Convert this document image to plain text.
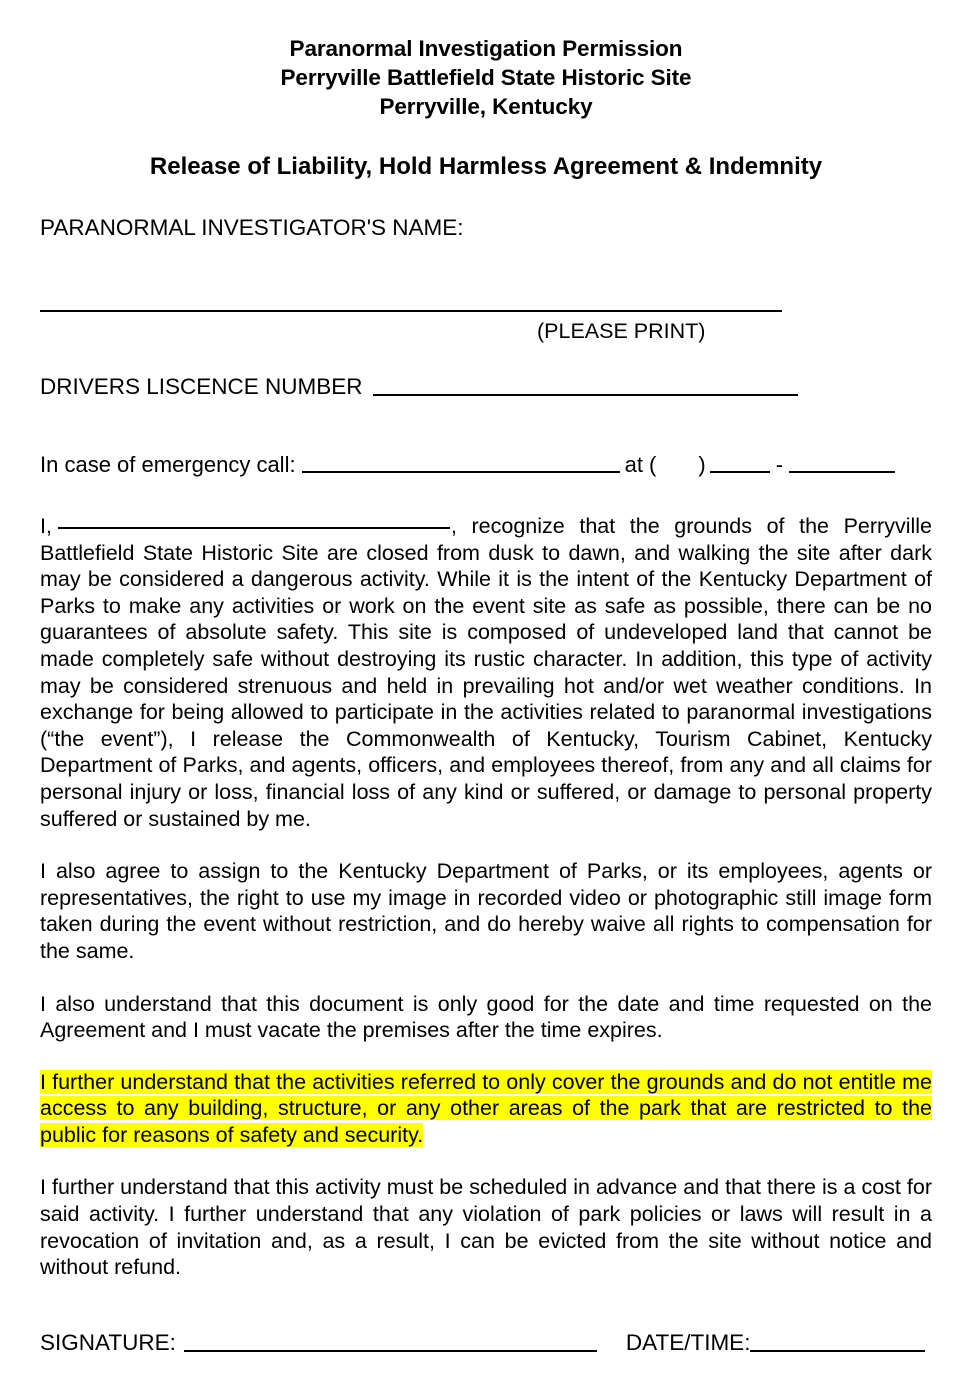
Paranormal Investigation Permission
Perryville Battlefield State Historic Site
Perryville, Kentucky
Release of Liability, Hold Harmless Agreement & Indemnity
PARANORMAL INVESTIGATOR'S NAME:
(PLEASE PRINT)
DRIVERS LISCENCE NUMBER
In case of emergency call:	at ( )	-

I,	, recognize that the grounds of the Perryville Battlefield State Historic Site are closed from dusk to dawn, and walking the site after dark may be considered a dangerous activity. While it is the intent of the Kentucky Department of Parks to make any activities or work on the event site as safe as possible, there can be no guarantees of absolute safety. This site is composed of undeveloped land that cannot be made completely safe without destroying its rustic character. In addition, this type of activity may be considered strenuous and held in prevailing hot and/or wet weather conditions. In exchange for being allowed to participate in the activities related to paranormal investigations (“the event”), I release the Commonwealth of Kentucky, Tourism Cabinet, Kentucky Department of Parks, and agents, officers, and employees thereof, from any and all claims for personal injury or loss, financial loss of any kind or suffered, or damage to personal property suffered or sustained by me.

I also agree to assign to the Kentucky Department of Parks, or its employees, agents or representatives, the right to use my image in recorded video or photographic still image form taken during the event without restriction, and do hereby waive all rights to compensation for the same.

I also understand that this document is only good for the date and time requested on the Agreement and I must vacate the premises after the time expires.

I further understand that the activities referred to only cover the grounds and do not entitle me access to any building, structure, or any other areas of the park that are restricted to the public for reasons of safety and security.

I further understand that this activity must be scheduled in advance and that there is a cost for said activity. I further understand that any violation of park policies or laws will result in a revocation of invitation and, as a result, I can be evicted from the site without notice and without refund.

SIGNATURE:	DATE/TIME:
